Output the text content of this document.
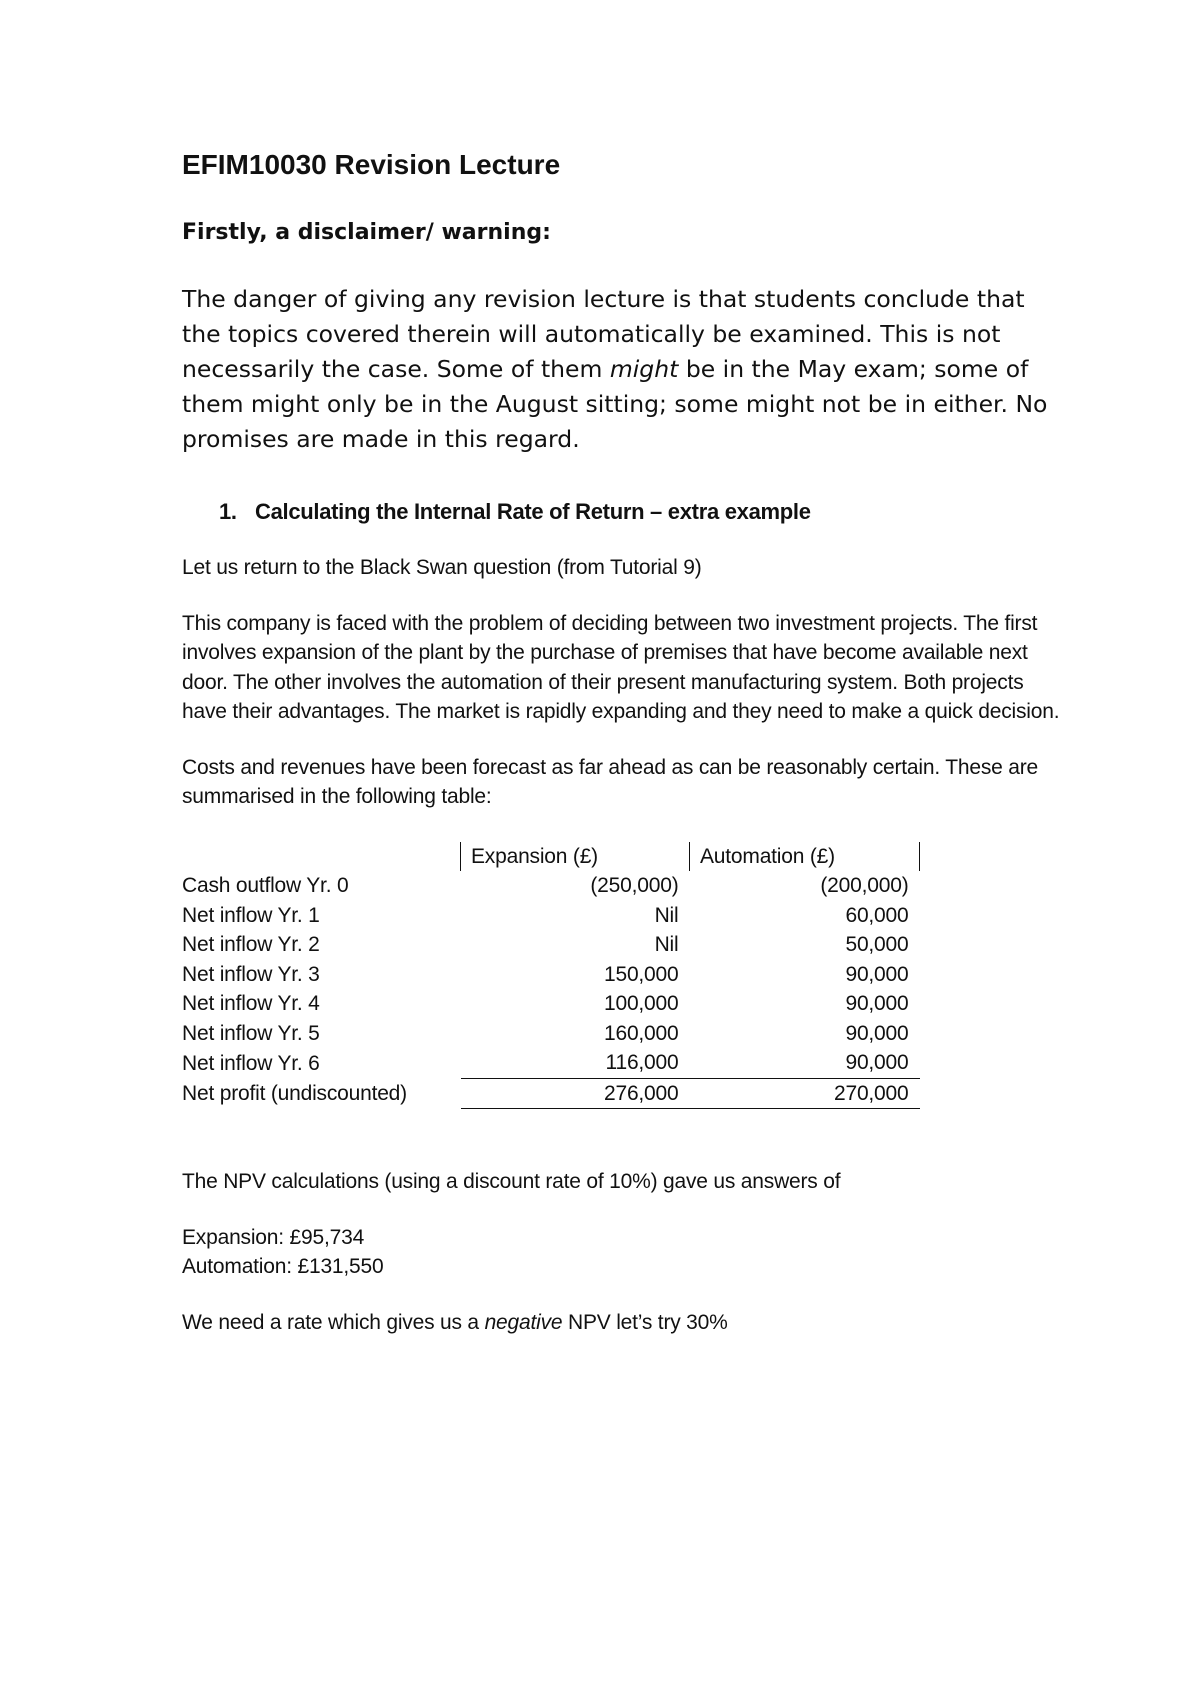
EFIM10030 Revision Lecture
Firstly, a disclaimer/ warning:
The danger of giving any revision lecture is that students conclude that the topics covered therein will automatically be examined. This is not necessarily the case. Some of them might be in the May exam; some of them might only be in the August sitting; some might not be in either. No promises are made in this regard.
1. Calculating the Internal Rate of Return – extra example
Let us return to the Black Swan question (from Tutorial 9)
This company is faced with the problem of deciding between two investment projects. The first involves expansion of the plant by the purchase of premises that have become available next door. The other involves the automation of their present manufacturing system. Both projects have their advantages. The market is rapidly expanding and they need to make a quick decision.
Costs and revenues have been forecast as far ahead as can be reasonably certain. These are summarised in the following table:
	Expansion (£)	Automation (£)
Cash outflow Yr. 0	(250,000)	(200,000)
Net inflow Yr. 1	Nil	60,000
Net inflow Yr. 2	Nil	50,000
Net inflow Yr. 3	150,000	90,000
Net inflow Yr. 4	100,000	90,000
Net inflow Yr. 5	160,000	90,000
Net inflow Yr. 6	116,000	90,000
Net profit (undiscounted)	276,000	270,000
The NPV calculations (using a discount rate of 10%) gave us answers of
Expansion: £95,734
Automation: £131,550
We need a rate which gives us a negative NPV let’s try 30%
